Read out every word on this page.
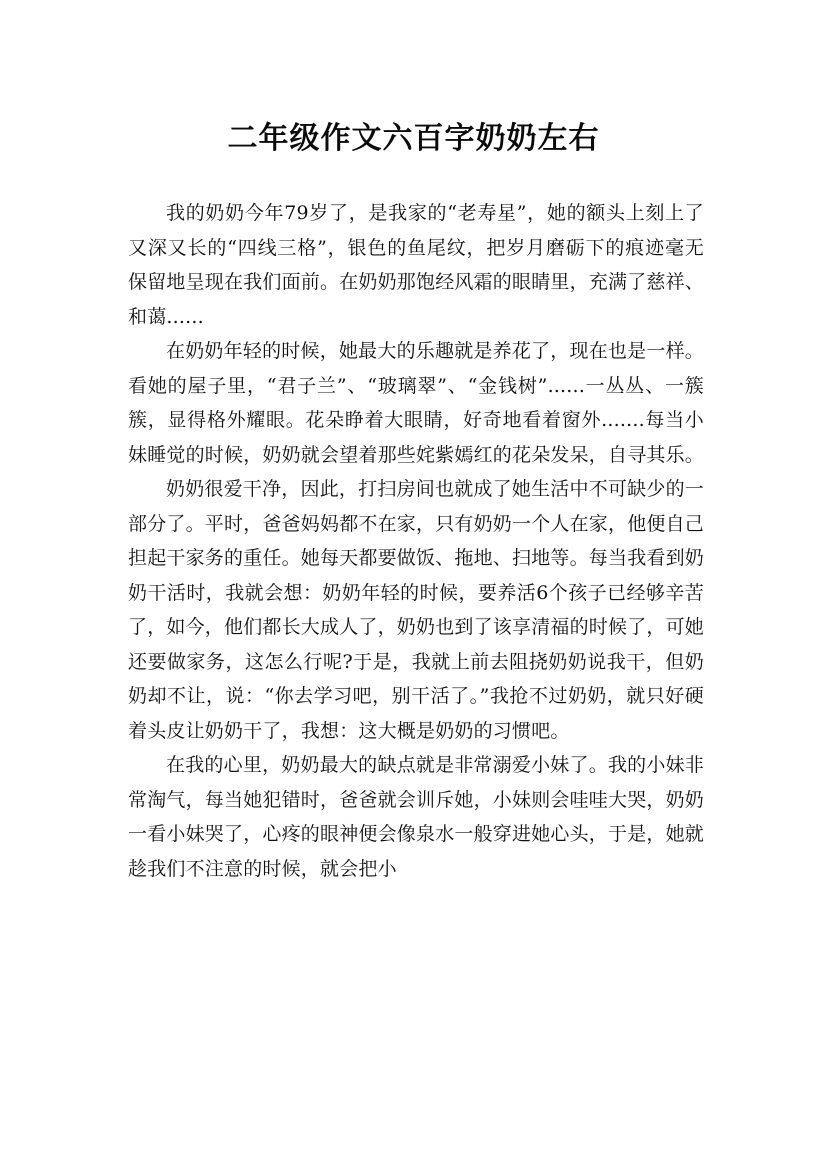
二年级作文六百字奶奶左右

我的奶奶今年79岁了，是我家的“老寿星”，她的额头上刻上了又深又长的“四线三格”，银色的鱼尾纹，把岁月磨砺下的痕迹毫无保留地呈现在我们面前。在奶奶那饱经风霜的眼睛里，充满了慈祥、和蔼......

在奶奶年轻的时候，她最大的乐趣就是养花了，现在也是一样。看她的屋子里，“君子兰”、“玻璃翠”、“金钱树”......一丛丛、一簇簇，显得格外耀眼。花朵睁着大眼睛，好奇地看着窗外.......每当小妹睡觉的时候，奶奶就会望着那些姹紫嫣红的花朵发呆，自寻其乐。

奶奶很爱干净，因此，打扫房间也就成了她生活中不可缺少的一部分了。平时，爸爸妈妈都不在家，只有奶奶一个人在家，他便自己担起干家务的重任。她每天都要做饭、拖地、扫地等。每当我看到奶奶干活时，我就会想：奶奶年轻的时候，要养活6个孩子已经够辛苦了，如今，他们都长大成人了，奶奶也到了该享清福的时候了，可她还要做家务，这怎么行呢?于是，我就上前去阻挠奶奶说我干，但奶奶却不让，说：“你去学习吧，别干活了。”我抢不过奶奶，就只好硬着头皮让奶奶干了，我想：这大概是奶奶的习惯吧。

在我的心里，奶奶最大的缺点就是非常溺爱小妹了。我的小妹非常淘气，每当她犯错时，爸爸就会训斥她，小妹则会哇哇大哭，奶奶一看小妹哭了，心疼的眼神便会像泉水一般穿进她心头，于是，她就趁我们不注意的时候，就会把小
